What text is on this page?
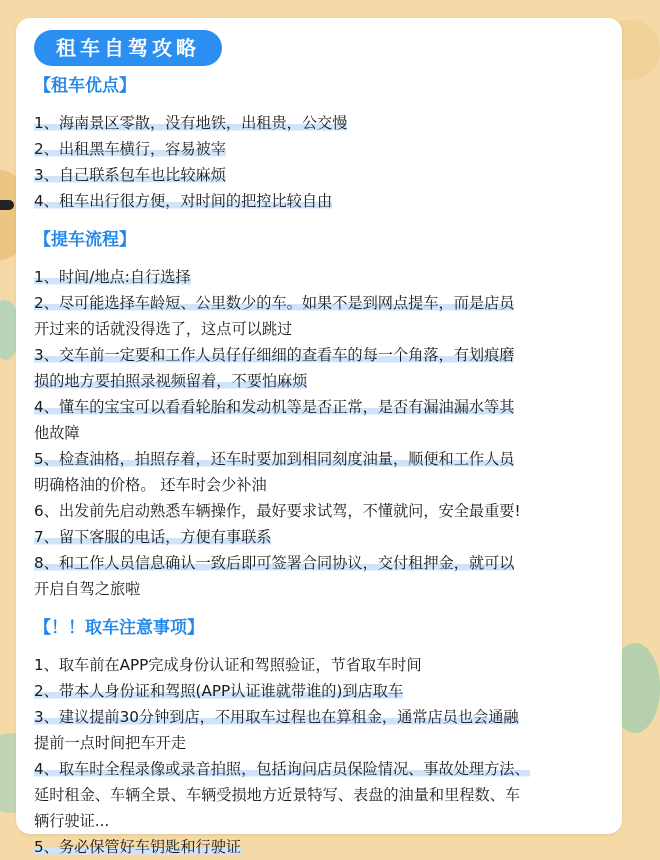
租车自驾攻略
【租车优点】
1、海南景区零散，没有地铁，出租贵，公交慢
2、出租黑车横行，容易被宰
3、自己联系包车也比较麻烦
4、租车出行很方便，对时间的把控比较自由
【提车流程】
1、时间/地点:自行选择
2、尽可能选择车龄短、公里数少的车。如果不是到网点提车，而是店员
开过来的话就没得选了，这点可以跳过
3、交车前一定要和工作人员仔仔细细的查看车的每一个角落，有划痕磨
损的地方要拍照录视频留着，不要怕麻烦
4、懂车的宝宝可以看看轮胎和发动机等是否正常，是否有漏油漏水等其
他故障
5、检查油格，拍照存着，还车时要加到相同刻度油量，顺便和工作人员
明确格油的价格。 还车时会少补油
6、出发前先启动熟悉车辆操作，最好要求试驾，不懂就问，安全最重要!
7、留下客服的电话，方便有事联系
8、和工作人员信息确认一致后即可签署合同协议，交付租押金，就可以
开启自驾之旅啦
【！！取车注意事项】
1、取车前在APP完成身份认证和驾照验证，节省取车时间
2、带本人身份证和驾照(APP认证谁就带谁的)到店取车
3、建议提前30分钟到店，不用取车过程也在算租金，通常店员也会通融
提前一点时间把车开走
4、取车时全程录像或录音拍照，包括询问店员保险情况、事故处理方法、
延时租金、车辆全景、车辆受损地方近景特写、表盘的油量和里程数、车
辆行驶证...
5、务必保管好车钥匙和行驶证
